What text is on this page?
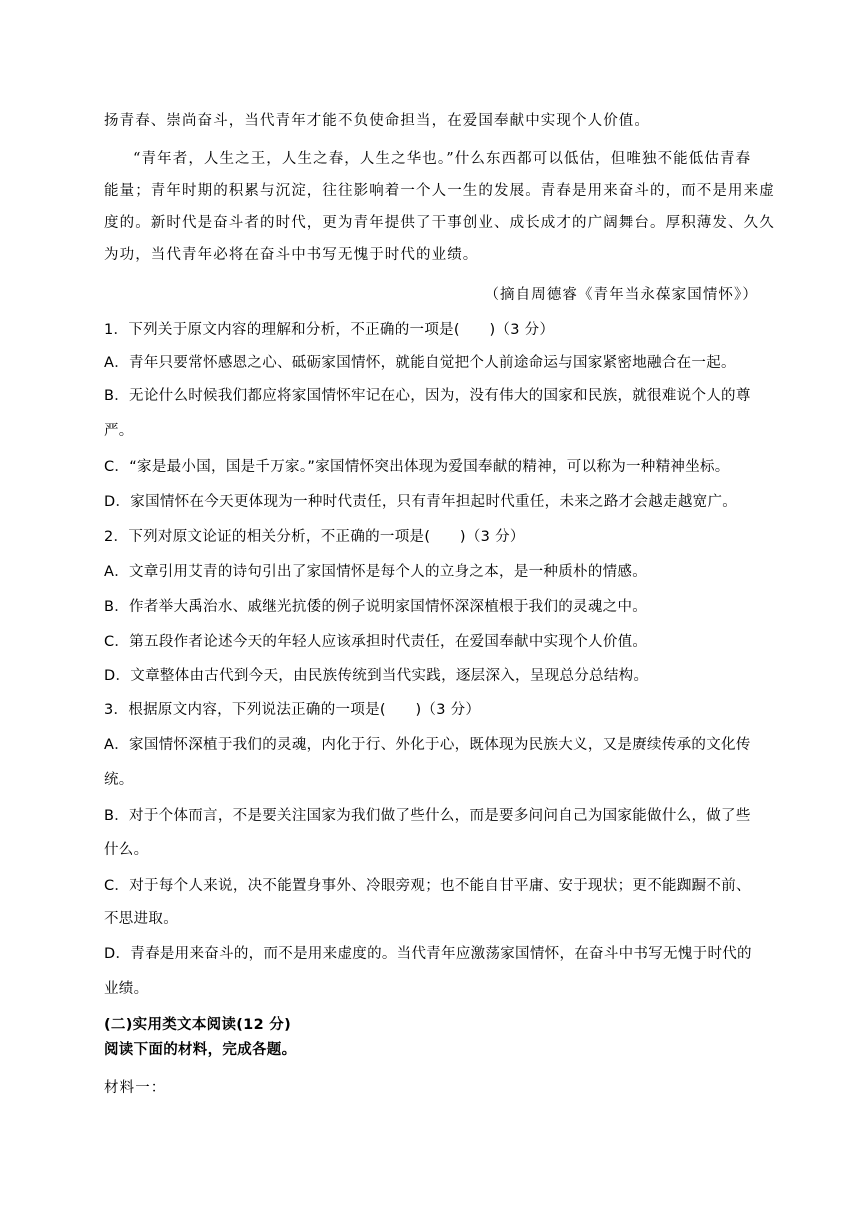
扬青春、崇尚奋斗，当代青年才能不负使命担当，在爱国奉献中实现个人价值。
“青年者，人生之王，人生之春，人生之华也。”什么东西都可以低估，但唯独不能低估青春
能量；青年时期的积累与沉淀，往往影响着一个人一生的发展。青春是用来奋斗的，而不是用来虚
度的。新时代是奋斗者的时代，更为青年提供了干事创业、成长成才的广阔舞台。厚积薄发、久久
为功，当代青年必将在奋斗中书写无愧于时代的业绩。
（摘自周德睿《青年当永葆家国情怀》）
1．下列关于原文内容的理解和分析，不正确的一项是(　　)（3 分）
A．青年只要常怀感恩之心、砥砺家国情怀，就能自觉把个人前途命运与国家紧密地融合在一起。
B．无论什么时候我们都应将家国情怀牢记在心，因为，没有伟大的国家和民族，就很难说个人的尊
严。
C．“家是最小国，国是千万家。”家国情怀突出体现为爱国奉献的精神，可以称为一种精神坐标。
D．家国情怀在今天更体现为一种时代责任，只有青年担起时代重任，未来之路才会越走越宽广。
2．下列对原文论证的相关分析，不正确的一项是(　　)（3 分）
A．文章引用艾青的诗句引出了家国情怀是每个人的立身之本，是一种质朴的情感。
B．作者举大禹治水、戚继光抗倭的例子说明家国情怀深深植根于我们的灵魂之中。
C．第五段作者论述今天的年轻人应该承担时代责任，在爱国奉献中实现个人价值。
D．文章整体由古代到今天，由民族传统到当代实践，逐层深入，呈现总分总结构。
3．根据原文内容，下列说法正确的一项是(　　)（3 分）
A．家国情怀深植于我们的灵魂，内化于行、外化于心，既体现为民族大义，又是赓续传承的文化传
统。
B．对于个体而言，不是要关注国家为我们做了些什么，而是要多问问自己为国家能做什么，做了些
什么。
C．对于每个人来说，决不能置身事外、冷眼旁观；也不能自甘平庸、安于现状；更不能踟蹰不前、
不思进取。
D．青春是用来奋斗的，而不是用来虚度的。当代青年应激荡家国情怀，在奋斗中书写无愧于时代的
业绩。
(二)实用类文本阅读(12 分)
阅读下面的材料，完成各题。
材料一：
